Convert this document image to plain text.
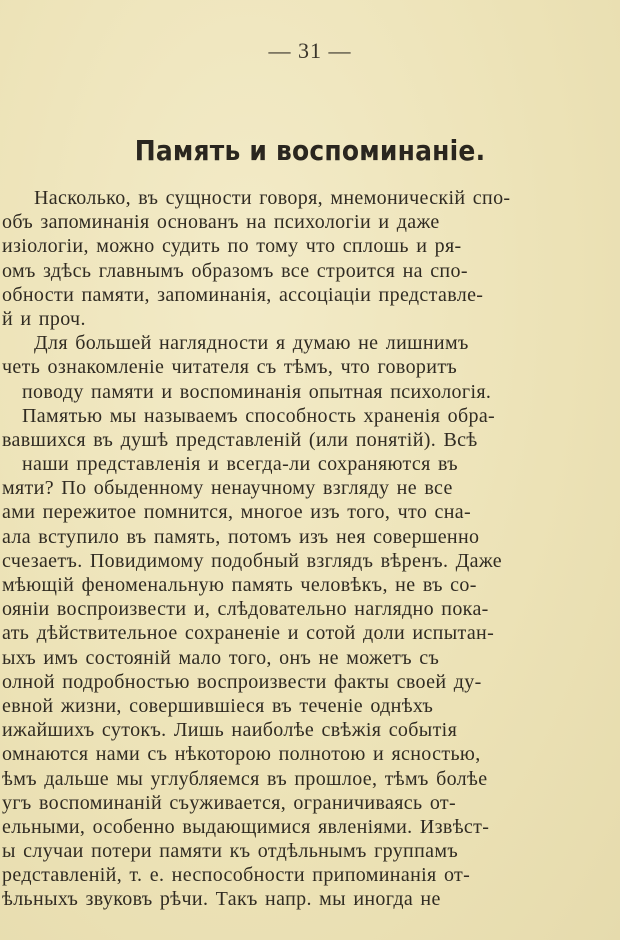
— 31 —
Память и воспоминаніе.
Насколько, въ сущности говоря, мнемоническій спо-
объ запоминанія основанъ на психологіи и даже
изіологіи, можно судить по тому что сплошь и ря-
омъ здѣсь главнымъ образомъ все строится на спо-
обности памяти, запоминанія, ассоціаціи представле-
й и проч.
Для большей наглядности я думаю не лишнимъ
четь ознакомленіе читателя съ тѣмъ, что говоритъ
поводу памяти и воспоминанія опытная психологія.
Памятью мы называемъ способность храненія обра-
вавшихся въ душѣ представленій (или понятій). Всѣ
наши представленія и всегда-ли сохраняются въ
мяти? По обыденному ненаучному взгляду не все
ами пережитое помнится, многое изъ того, что сна-
ала вступило въ память, потомъ изъ нея совершенно
счезаетъ. Повидимому подобный взглядъ вѣренъ. Даже
мѣющій феноменальную память человѣкъ, не въ со-
ояніи воспроизвести и, слѣдовательно наглядно пока-
ать дѣйствительное сохраненіе и сотой доли испытан-
ыхъ имъ состояній мало того, онъ не можетъ съ
олной подробностью воспроизвести факты своей ду-
евной жизни, совершившіеся въ теченіе однѣхъ
ижайшихъ сутокъ. Лишь наиболѣе свѣжія событія
омнаются нами съ нѣкоторою полнотою и ясностью,
ѣмъ дальше мы углубляемся въ прошлое, тѣмъ болѣе
угъ воспоминаній съуживается, ограничиваясь от-
ельными, особенно выдающимися явленіями. Извѣст-
ы случаи потери памяти къ отдѣльнымъ группамъ
редставленій, т. е. неспособности припоминанія от-
ѣльныхъ звуковъ рѣчи. Такъ напр. мы иногда не
